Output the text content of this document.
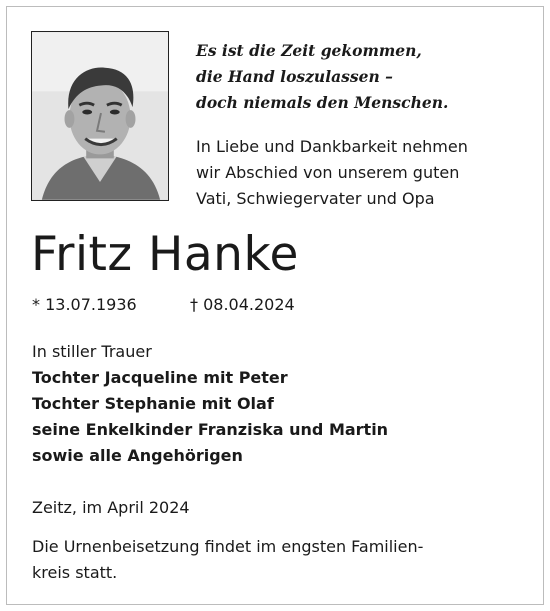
Es ist die Zeit gekommen,
die Hand loszulassen –
doch niemals den Menschen.
In Liebe und Dankbarkeit nehmen
wir Abschied von unserem guten
Vati, Schwiegervater und Opa
Fritz Hanke
* 13.07.1936	† 08.04.2024
In stiller Trauer
Tochter Jacqueline mit Peter
Tochter Stephanie mit Olaf
seine Enkelkinder Franziska und Martin
sowie alle Angehörigen
Zeitz, im April 2024
Die Urnenbeisetzung findet im engsten Familien-
kreis statt.
